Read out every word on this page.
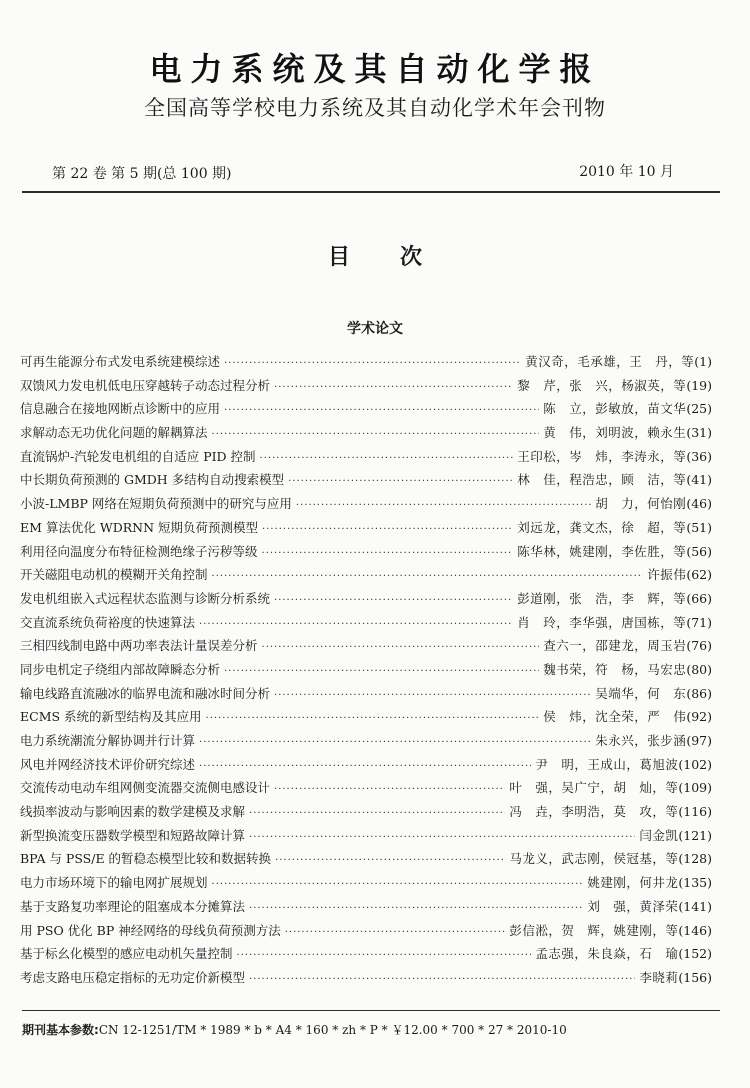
电力系统及其自动化学报
全国高等学校电力系统及其自动化学术年会刊物
第 22 卷 第 5 期(总 100 期)	2010 年 10 月
目 次
学术论文
可再生能源分布式发电系统建模综述 ·····	黄汉奇，毛承雄，王　丹，等 ( 1 )
双馈风力发电机低电压穿越转子动态过程分析 ·····	黎　芹，张　兴，杨淑英，等 ( 19 )
信息融合在接地网断点诊断中的应用 ·····	陈　立，彭敏放，苗文华 ( 25 )
求解动态无功优化问题的解耦算法 ·····	黄　伟，刘明波，赖永生 ( 31 )
直流锅炉-汽轮发电机组的自适应 PID 控制 ·····	王印松，岑　炜，李涛永，等 ( 36 )
中长期负荷预测的 GMDH 多结构自动搜索模型 ·····	林　佳，程浩忠，顾　洁，等 ( 41 )
小波-LMBP 网络在短期负荷预测中的研究与应用 ·····	胡　力，何怡刚 ( 46 )
EM 算法优化 WDRNN 短期负荷预测模型 ·····	刘远龙，龚文杰，徐　超，等 ( 51 )
利用径向温度分布特征检测绝缘子污秽等级 ·····	陈华林，姚建刚，李佐胜，等 ( 56 )
开关磁阻电动机的模糊开关角控制 ·····	许振伟 ( 62 )
发电机组嵌入式远程状态监测与诊断分析系统 ·····	彭道刚，张　浩，李　辉，等 ( 66 )
交直流系统负荷裕度的快速算法 ·····	肖　玲，李华强，唐国栋，等 ( 71 )
三相四线制电路中两功率表法计量误差分析 ·····	查六一，邵建龙，周玉岩 ( 76 )
同步电机定子绕组内部故障瞬态分析 ·····	魏书荣，符　杨，马宏忠 ( 80 )
输电线路直流融冰的临界电流和融冰时间分析 ·····	吴端华，何　东 ( 86 )
ECMS 系统的新型结构及其应用 ·····	侯　炜，沈全荣，严　伟 ( 92 )
电力系统潮流分解协调并行计算 ·····	朱永兴，张步涵 ( 97 )
风电并网经济技术评价研究综述 ·····	尹　明，王成山，葛旭波 ( 102 )
交流传动电动车组网侧变流器交流侧电感设计 ·····	叶　强，吴广宁，胡　灿，等 ( 109 )
线损率波动与影响因素的数学建模及求解 ·····	冯　垚，李明浩，莫　攻，等 ( 116 )
新型换流变压器数学模型和短路故障计算 ·····	闫金凯 ( 121 )
BPA 与 PSS/E 的暂稳态模型比较和数据转换 ·····	马龙义，武志刚，侯冠基，等 ( 128 )
电力市场环境下的输电网扩展规划 ·····	姚建刚，何井龙 ( 135 )
基于支路复功率理论的阻塞成本分摊算法 ·····	刘　强，黄泽荣 ( 141 )
用 PSO 优化 BP 神经网络的母线负荷预测方法 ·····	彭信淞，贺　辉，姚建刚，等 ( 146 )
基于标幺化模型的感应电动机矢量控制 ·····	孟志强，朱良焱，石　瑜 ( 152 )
考虑支路电压稳定指标的无功定价新模型 ·····	李晓莉 ( 156 )
期刊基本参数:CN 12-1251/TM * 1989 * b * A4 * 160 * zh * P * ￥12.00 * 700 * 27 * 2010-10
